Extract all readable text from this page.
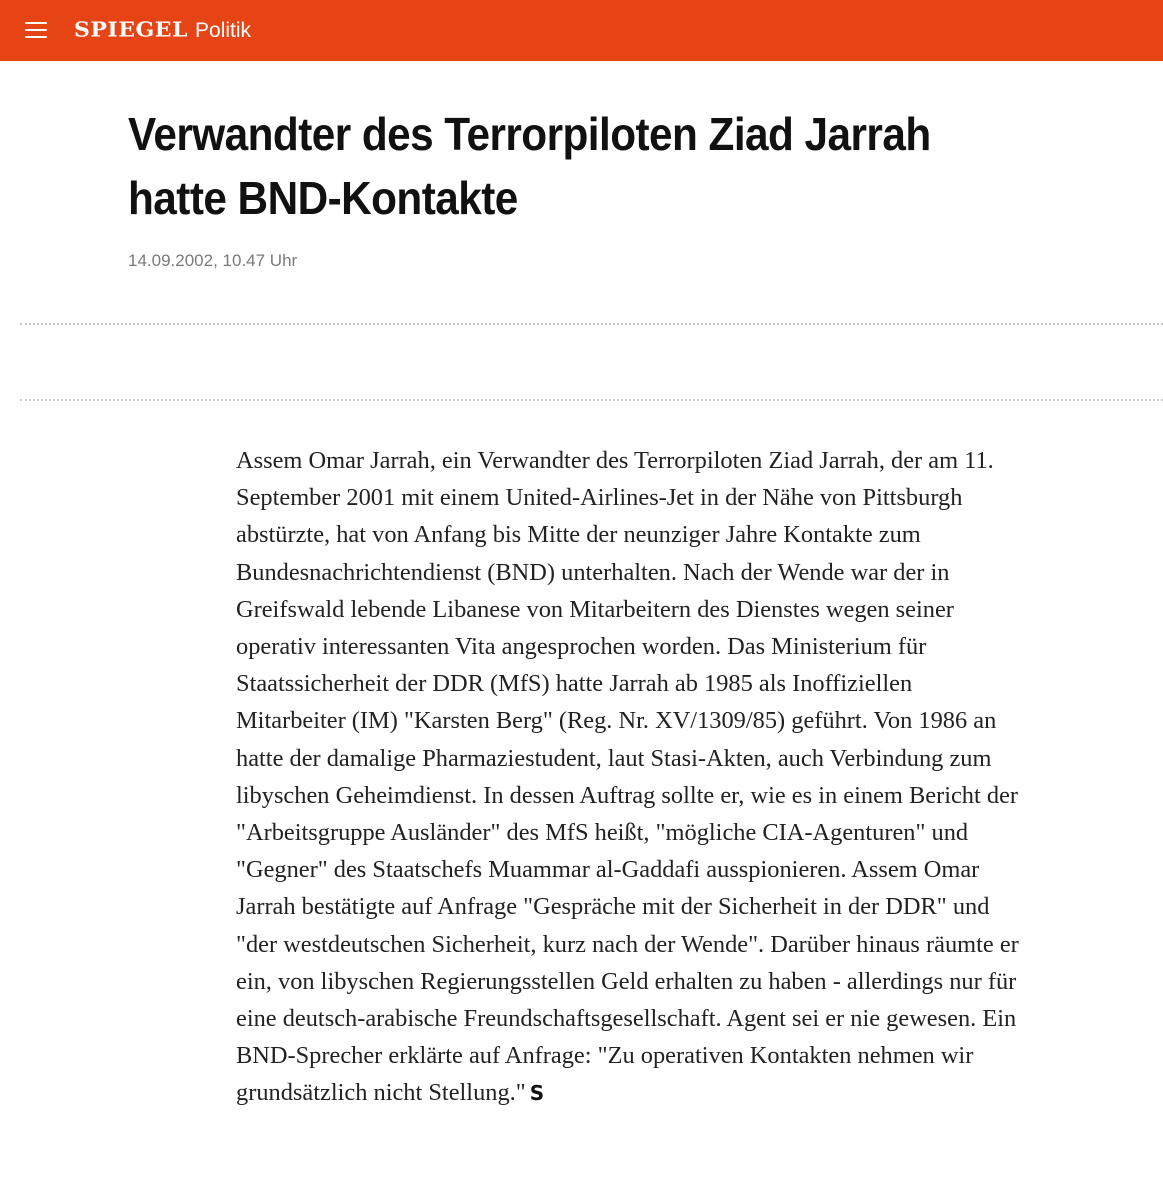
SPIEGEL Politik
Verwandter des Terrorpiloten Ziad Jarrah hatte BND-Kontakte
14.09.2002, 10.47 Uhr

Assem Omar Jarrah, ein Verwandter des Terrorpiloten Ziad Jarrah, der am 11. September 2001 mit einem United-Airlines-Jet in der Nähe von Pittsburgh abstürzte, hat von Anfang bis Mitte der neunziger Jahre Kontakte zum Bundesnachrichtendienst (BND) unterhalten. Nach der Wende war der in Greifswald lebende Libanese von Mitarbeitern des Dienstes wegen seiner operativ interessanten Vita angesprochen worden. Das Ministerium für Staatssicherheit der DDR (MfS) hatte Jarrah ab 1985 als Inoffiziellen Mitarbeiter (IM) "Karsten Berg" (Reg. Nr. XV/1309/85) geführt. Von 1986 an hatte der damalige Pharmaziestudent, laut Stasi-Akten, auch Verbindung zum libyschen Geheimdienst. In dessen Auftrag sollte er, wie es in einem Bericht der "Arbeitsgruppe Ausländer" des MfS heißt, "mögliche CIA-Agenturen" und "Gegner" des Staatschefs Muammar al-Gaddafi ausspionieren. Assem Omar Jarrah bestätigte auf Anfrage "Gespräche mit der Sicherheit in der DDR" und "der westdeutschen Sicherheit, kurz nach der Wende". Darüber hinaus räumte er ein, von libyschen Regierungsstellen Geld erhalten zu haben - allerdings nur für eine deutsch-arabische Freundschaftsgesellschaft. Agent sei er nie gewesen. Ein BND-Sprecher erklärte auf Anfrage: "Zu operativen Kontakten nehmen wir grundsätzlich nicht Stellung." S
